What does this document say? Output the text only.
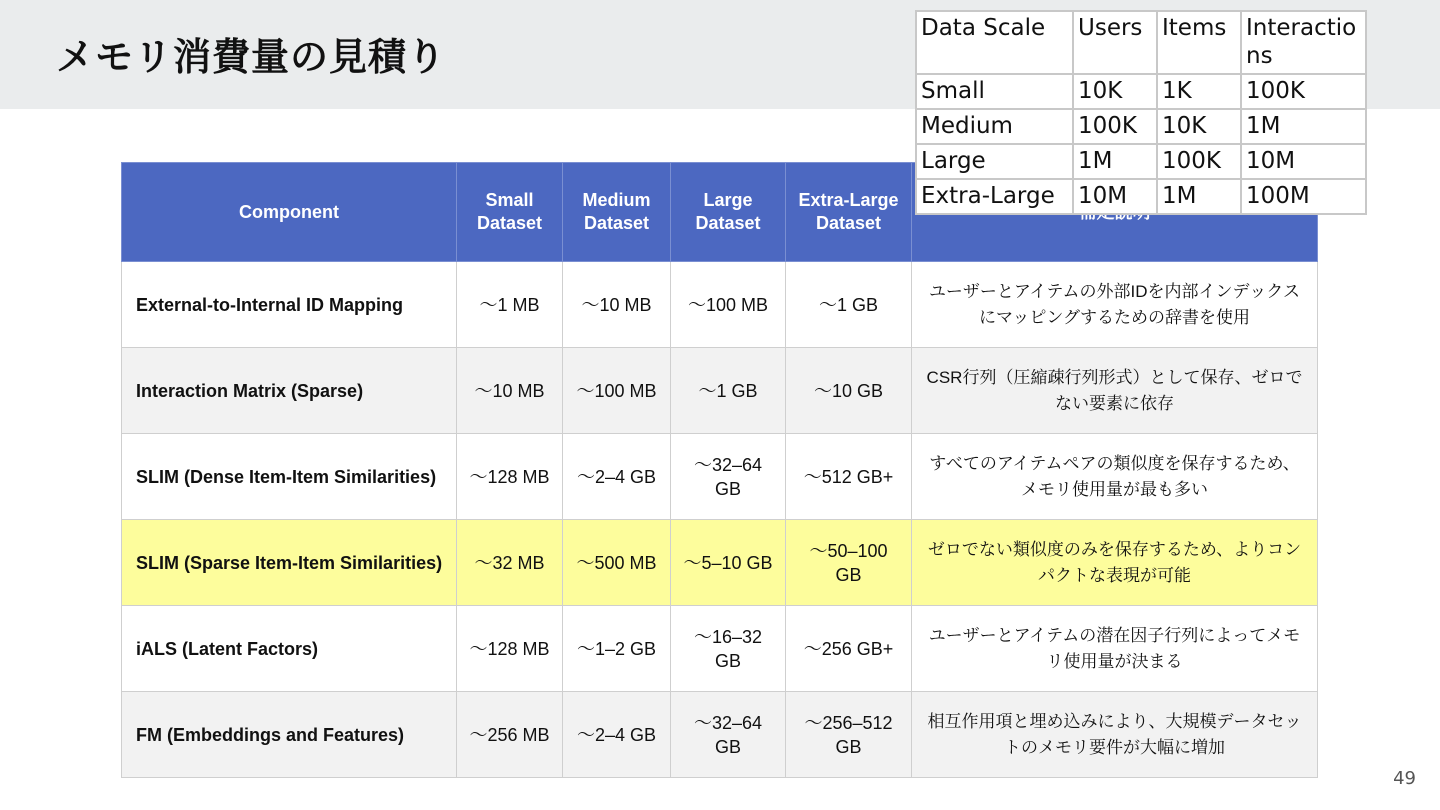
メモリ消費量の見積り
Component	Small Dataset	Medium Dataset	Large Dataset	Extra-Large Dataset	
External-to-Internal ID Mapping	〜1 MB	〜10 MB	〜100 MB	〜1 GB	ユーザーとアイテムの外部IDを内部インデックスにマッピングするための辞書を使用
Interaction Matrix (Sparse)	〜10 MB	〜100 MB	〜1 GB	〜10 GB	CSR行列（圧縮疎行列形式）として保存、ゼロでない要素に依存
SLIM (Dense Item-Item Similarities)	〜128 MB	〜2–4 GB	〜32–64 GB	〜512 GB+	すべてのアイテムペアの類似度を保存するため、メモリ使用量が最も多い
SLIM (Sparse Item-Item Similarities)	〜32 MB	〜500 MB	〜5–10 GB	〜50–100 GB	ゼロでない類似度のみを保存するため、よりコンパクトな表現が可能
iALS (Latent Factors)	〜128 MB	〜1–2 GB	〜16–32 GB	〜256 GB+	ユーザーとアイテムの潜在因子行列によってメモリ使用量が決まる
FM (Embeddings and Features)	〜256 MB	〜2–4 GB	〜32–64 GB	〜256–512 GB	相互作用項と埋め込みにより、大規模データセットのメモリ要件が大幅に増加
Data Scale	Users	Items	Interactions
Small	10K	1K	100K
Medium	100K	10K	1M
Large	1M	100K	10M
Extra-Large	10M	1M	100M
49
